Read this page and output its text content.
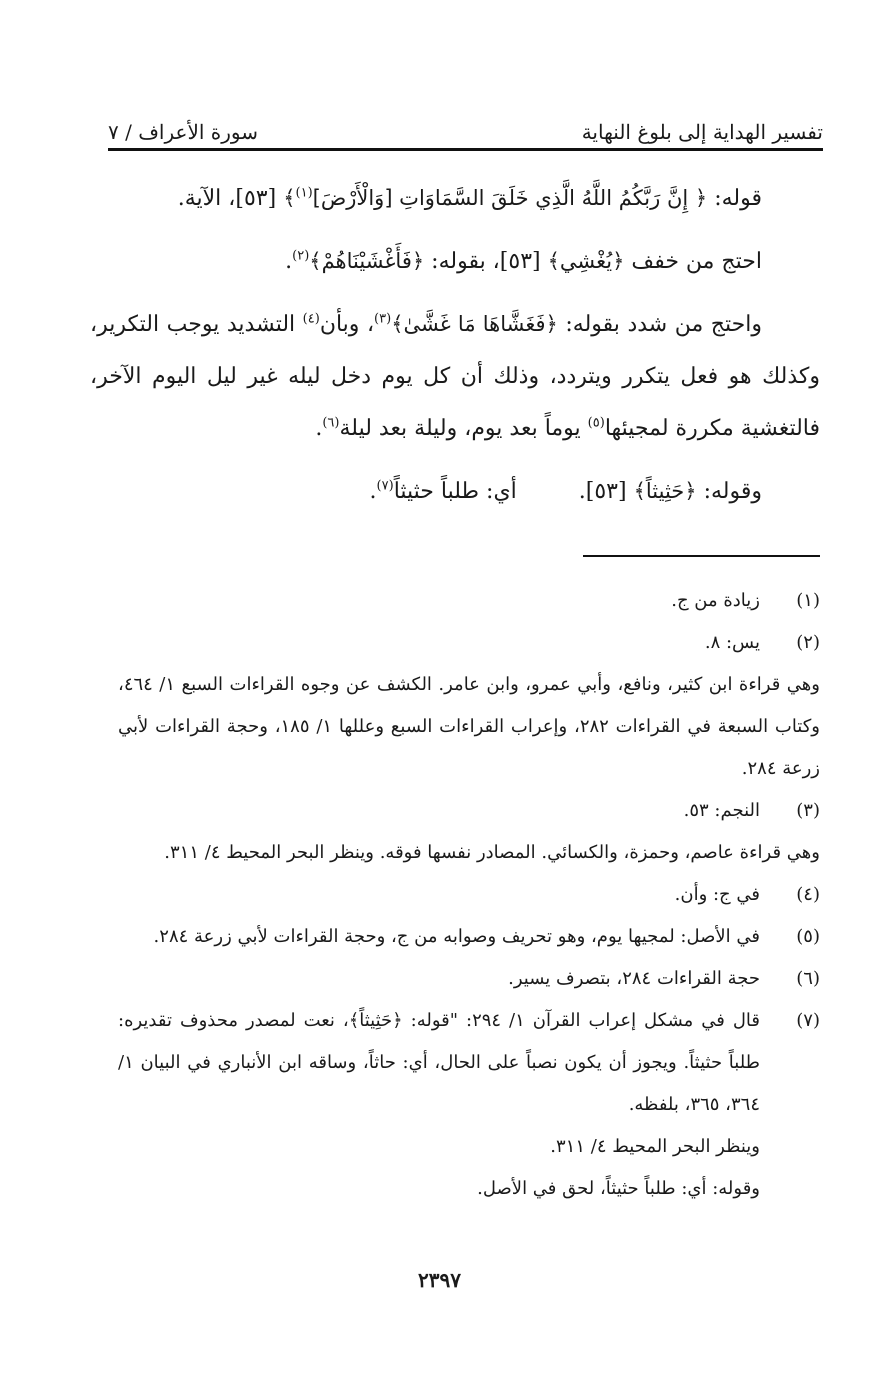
تفسير الهداية إلى بلوغ النهاية
سورة الأعراف / ٧

قوله: ﴿ إِنَّ رَبَّكُمُ اللَّهُ الَّذِي خَلَقَ السَّمَاوَاتِ [وَالْأَرْضَ]$^{(١)}$﴾ [٥٣]، الآية.

احتج من خفف ﴿يُغْشِي﴾ [٥٣]، بقوله: ﴿فَأَغْشَيْنَاهُمْ﴾$^{(٢)}$.

واحتج من شدد بقوله: ﴿فَغَشَّاهَا مَا غَشَّىٰ﴾$^{(٣)}$، وبأن$^{(٤)}$ التشديد يوجب التكرير، وكذلك هو فعل يتكرر ويتردد، وذلك أن كل يوم دخل ليله غير ليل اليوم الآخر، فالتغشية مكررة لمجيئها$^{(٥)}$ يوماً بعد يوم، وليلة بعد ليلة$^{(٦)}$.

وقوله: ﴿حَثِيثاً﴾ [٥٣].أي: طلباً حثيثاً$^{(٧)}$.

(١)
زيادة من ج.
(٢)
يس: ٨.
وهي قراءة ابن كثير، ونافع، وأبي عمرو، وابن عامر. الكشف عن وجوه القراءات السبع ١/ ٤٦٤، وكتاب السبعة في القراءات ٢٨٢، وإعراب القراءات السبع وعللها ١/ ١٨٥، وحجة القراءات لأبي زرعة ٢٨٤.
(٣)
النجم: ٥٣.
وهي قراءة عاصم، وحمزة، والكسائي. المصادر نفسها فوقه. وينظر البحر المحيط ٤/ ٣١١.
(٤)
في ج: وأن.
(٥)
في الأصل: لمجيها يوم، وهو تحريف وصوابه من ج، وحجة القراءات لأبي زرعة ٢٨٤.
(٦)
حجة القراءات ٢٨٤، بتصرف يسير.
(٧)
قال في مشكل إعراب القرآن ١/ ٢٩٤: "قوله: ﴿حَثِيثاً﴾، نعت لمصدر محذوف تقديره: طلباً حثيثاً. ويجوز أن يكون نصباً على الحال، أي: حاثاً، وساقه ابن الأنباري في البيان ١/ ٣٦٤، ٣٦٥، بلفظه.
وينظر البحر المحيط ٤/ ٣١١.
وقوله: أي: طلباً حثيثاً، لحق في الأصل.
٢٣٩٧
